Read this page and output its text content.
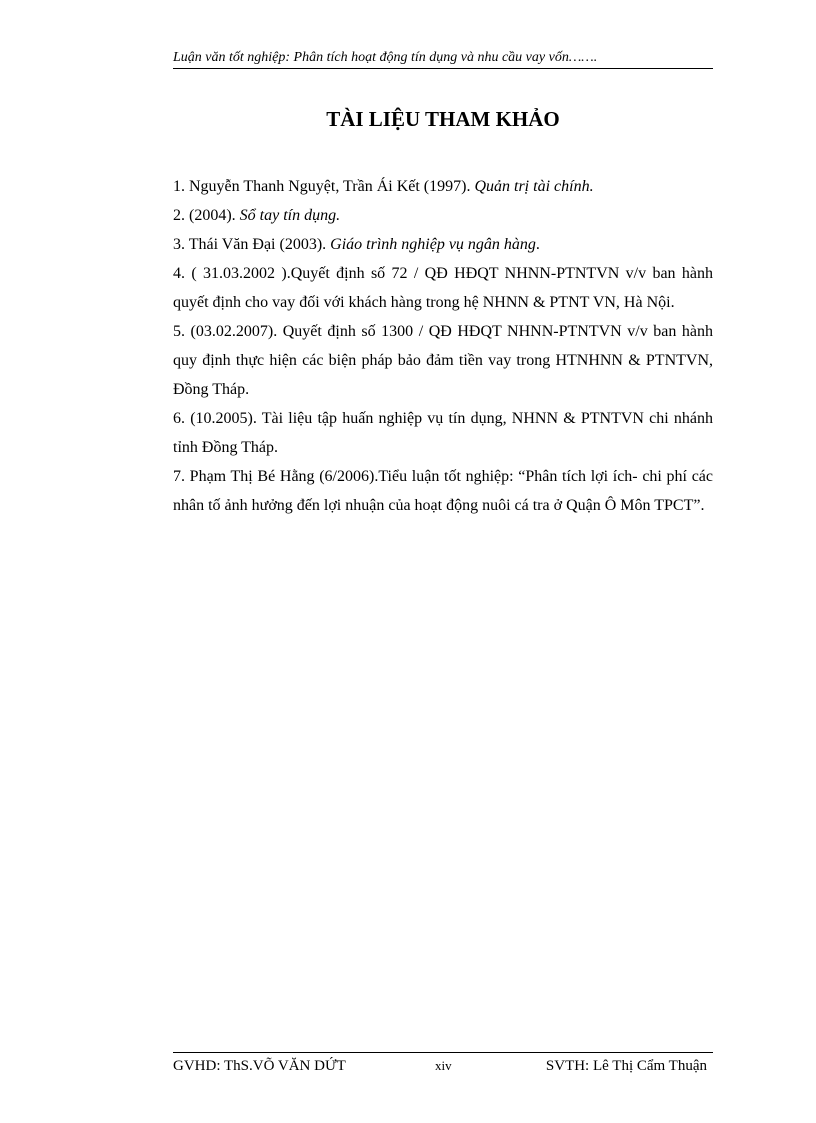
Luận văn tốt nghiệp: Phân tích hoạt động tín dụng và nhu cầu vay vốn…….
TÀI LIỆU THAM KHẢO
1. Nguyễn Thanh Nguyệt, Trần Ái Kết (1997). Quản trị tài chính.
2. (2004). Sổ tay tín dụng.
3. Thái Văn Đại (2003). Giáo trình nghiệp vụ ngân hàng.
4. ( 31.03.2002 ).Quyết định số 72 / QĐ HĐQT NHNN-PTNTVN v/v ban hành quyết định cho vay đối với khách hàng trong hệ NHNN & PTNT VN, Hà Nội.
5. (03.02.2007). Quyết định số 1300 / QĐ HĐQT NHNN-PTNTVN v/v ban hành quy định thực hiện các biện pháp bảo đảm tiền vay trong HTNHNN & PTNTVN, Đồng Tháp.
6. (10.2005). Tài liệu tập huấn nghiệp vụ tín dụng, NHNN & PTNTVN chi nhánh tỉnh Đồng Tháp.
7. Phạm Thị Bé Hằng (6/2006).Tiểu luận tốt nghiệp: “Phân tích lợi ích- chi phí các nhân tố ảnh hưởng đến lợi nhuận của hoạt động nuôi cá tra ở Quận Ô Môn TPCT”.
GVHD: ThS.VÕ VĂN DỨT	xiv	SVTH: Lê Thị Cẩm Thuận
